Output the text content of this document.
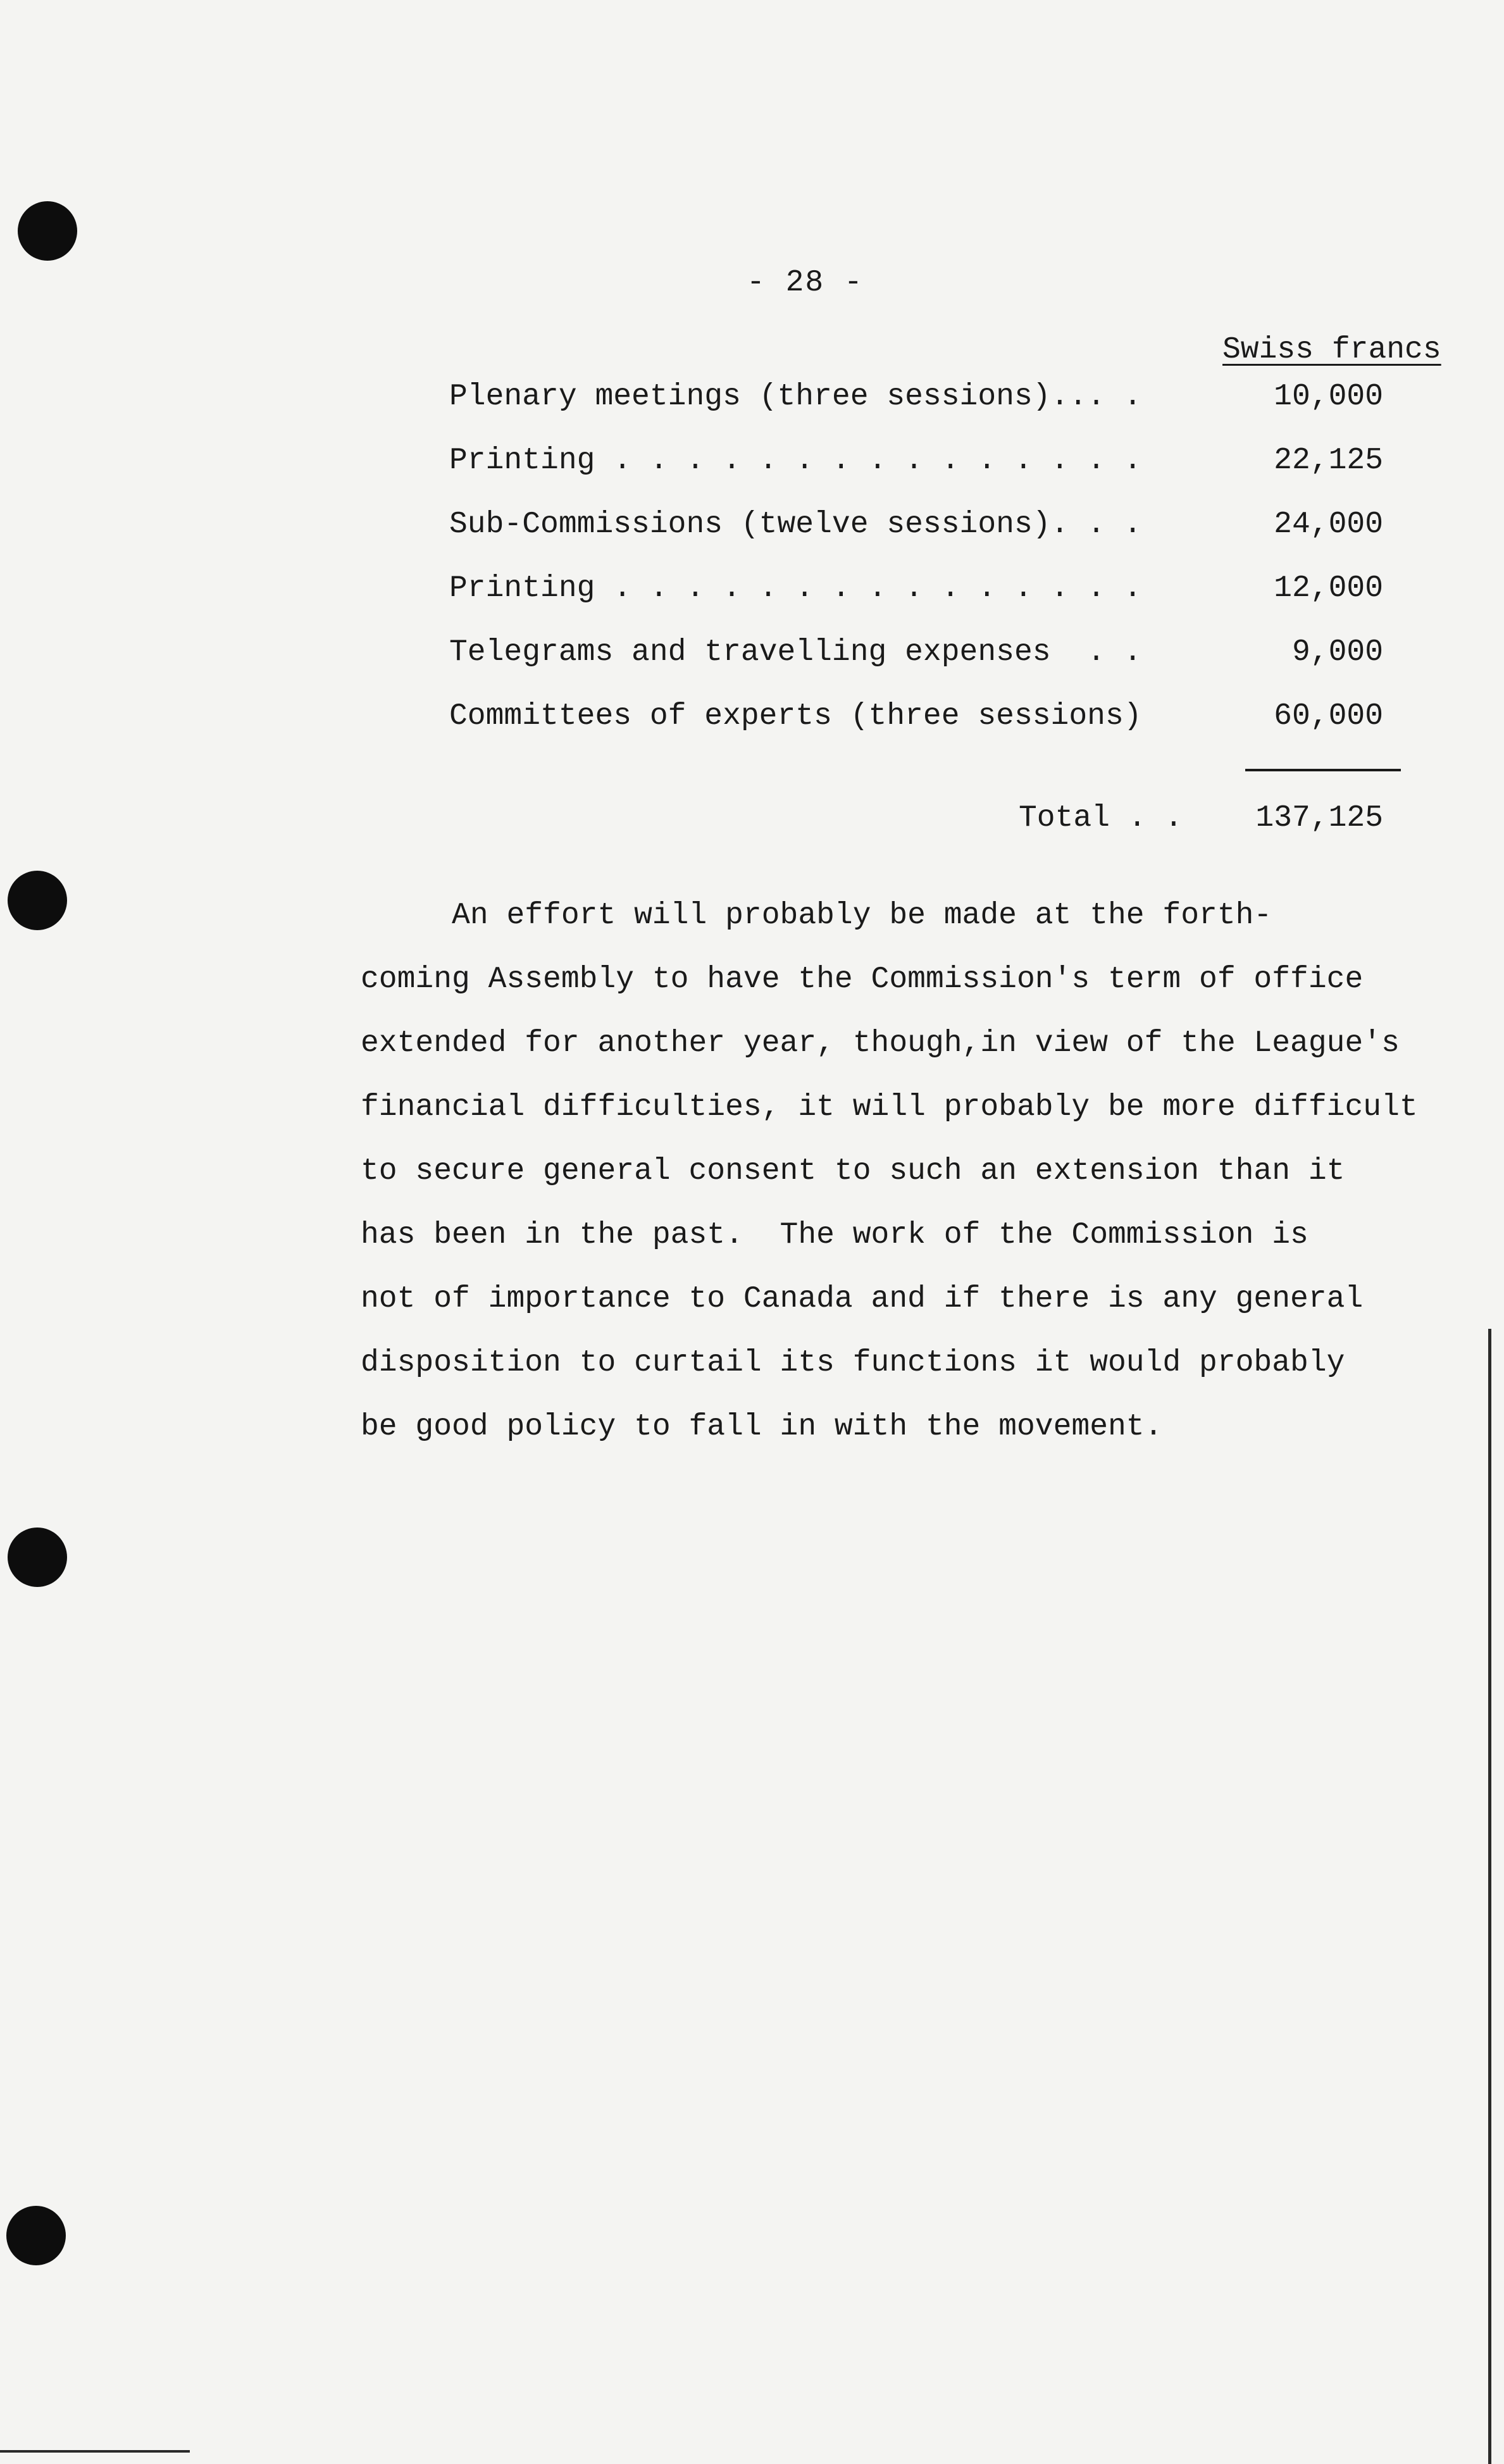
- 28 -
Swiss francs
Plenary meetings (three sessions)... .	10,000
Printing . . . . . . . . . . . . . . .	22,125
Sub-Commissions (twelve sessions). . .	24,000
Printing . . . . . . . . . . . . . . .	12,000
Telegrams and travelling expenses  . .	9,000
Committees of experts (three sessions)	60,000
Total . . 137,125
An effort will probably be made at the forth-
coming Assembly to have the Commission's term of office
extended for another year, though,in view of the League's
financial difficulties, it will probably be more difficult
to secure general consent to such an extension than it
has been in the past.  The work of the Commission is
not of importance to Canada and if there is any general
disposition to curtail its functions it would probably
be good policy to fall in with the movement.
